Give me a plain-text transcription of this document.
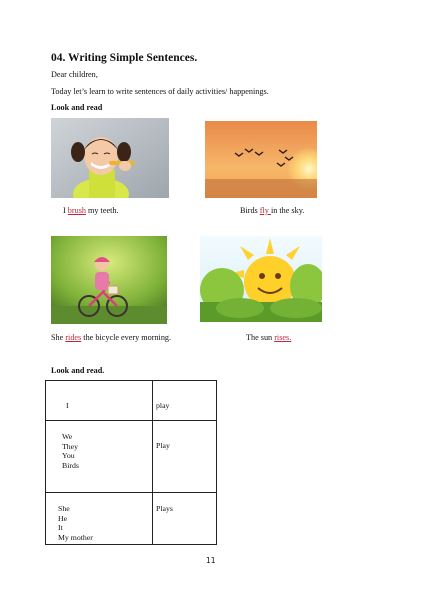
04. Writing Simple Sentences.
Dear children,
Today let’s learn to write sentences of daily activities/ happenings.
Look and read
I brush my teeth.	Birds fly in the sky.
She rides the bicycle every morning.	The sun rises.
Look and read.
I	play

We
They
You
Birds	Play

She
He
It
My mother	Plays
11
